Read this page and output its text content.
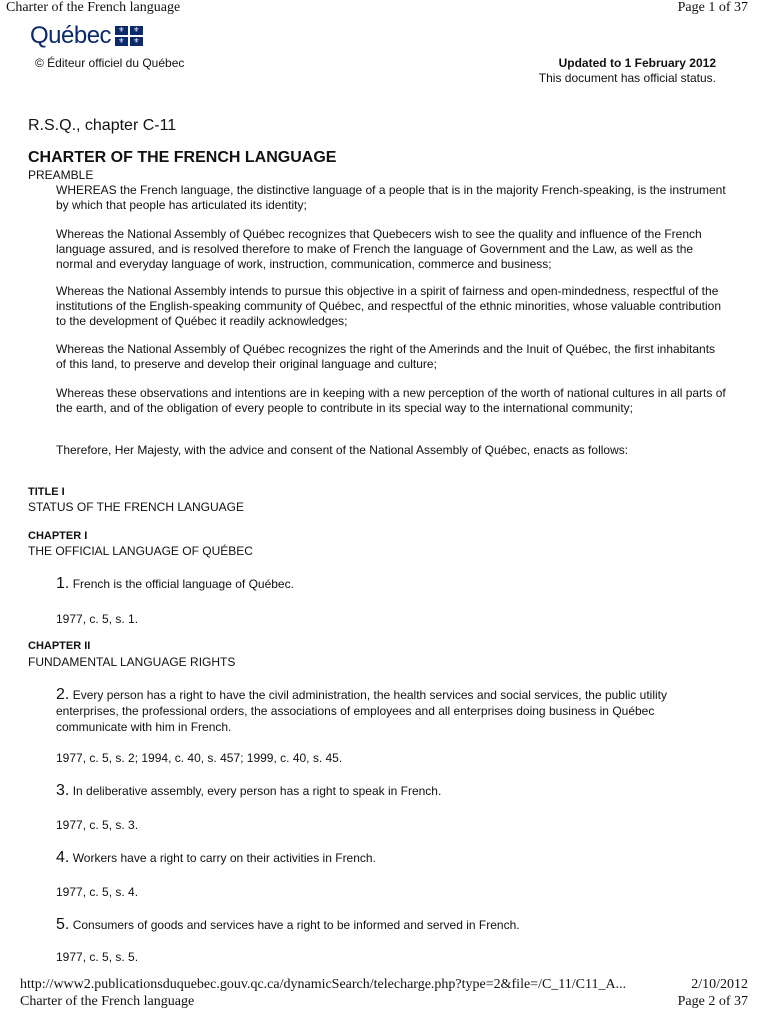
Charter of the French language	Page 1 of 37
Québec ⚜ ⚜
⚜ ⚜
© Éditeur officiel du Québec	Updated to 1 February 2012
This document has official status.
R.S.Q., chapter C-11
CHARTER OF THE FRENCH LANGUAGE
PREAMBLE
WHEREAS the French language, the distinctive language of a people that is in the majority French-speaking, is the instrument by which that people has articulated its identity;
Whereas the National Assembly of Québec recognizes that Quebecers wish to see the quality and influence of the French language assured, and is resolved therefore to make of French the language of Government and the Law, as well as the normal and everyday language of work, instruction, communication, commerce and business;
Whereas the National Assembly intends to pursue this objective in a spirit of fairness and open-mindedness, respectful of the institutions of the English-speaking community of Québec, and respectful of the ethnic minorities, whose valuable contribution to the development of Québec it readily acknowledges;
Whereas the National Assembly of Québec recognizes the right of the Amerinds and the Inuit of Québec, the first inhabitants of this land, to preserve and develop their original language and culture;
Whereas these observations and intentions are in keeping with a new perception of the worth of national cultures in all parts of the earth, and of the obligation of every people to contribute in its special way to the international community;
Therefore, Her Majesty, with the advice and consent of the National Assembly of Québec, enacts as follows:
TITLE I
STATUS OF THE FRENCH LANGUAGE
CHAPTER I
THE OFFICIAL LANGUAGE OF QUÉBEC
1. French is the official language of Québec.
1977, c. 5, s. 1.
CHAPTER II
FUNDAMENTAL LANGUAGE RIGHTS
2. Every person has a right to have the civil administration, the health services and social services, the public utility enterprises, the professional orders, the associations of employees and all enterprises doing business in Québec communicate with him in French.
1977, c. 5, s. 2; 1994, c. 40, s. 457; 1999, c. 40, s. 45.
3. In deliberative assembly, every person has a right to speak in French.
1977, c. 5, s. 3.
4. Workers have a right to carry on their activities in French.
1977, c. 5, s. 4.
5. Consumers of goods and services have a right to be informed and served in French.
1977, c. 5, s. 5.
http://www2.publicationsduquebec.gouv.qc.ca/dynamicSearch/telecharge.php?type=2&file=/C_11/C11_A...	2/10/2012
Charter of the French language	Page 2 of 37
